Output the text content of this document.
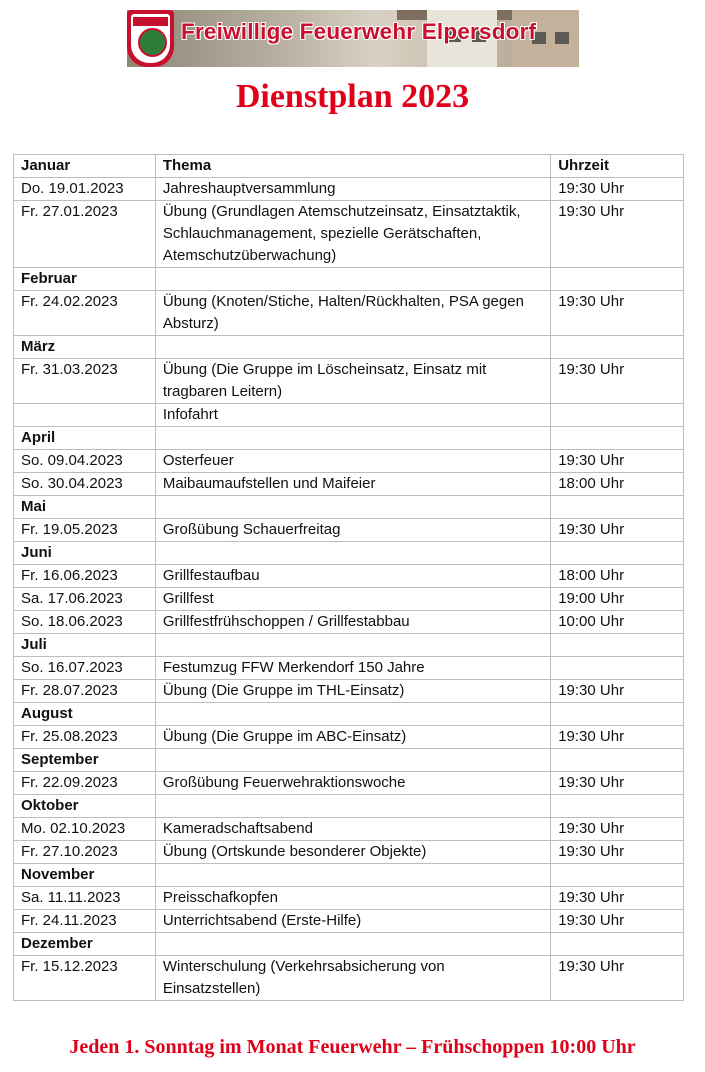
Freiwillige Feuerwehr Elpersdorf
Dienstplan 2023
Januar	Thema	Uhrzeit
Do. 19.01.2023	Jahreshauptversammlung	19:30 Uhr
Fr. 27.01.2023	Übung (Grundlagen Atemschutzeinsatz, Einsatztaktik, Schlauchmanagement, spezielle Gerätschaften, Atemschutzüberwachung)	19:30 Uhr
Februar		
Fr. 24.02.2023	Übung (Knoten/Stiche, Halten/Rückhalten, PSA gegen Absturz)	19:30 Uhr
März		
Fr. 31.03.2023	Übung (Die Gruppe im Löscheinsatz, Einsatz mit tragbaren Leitern)	19:30 Uhr
	Infofahrt	
April		
So. 09.04.2023	Osterfeuer	19:30 Uhr
So. 30.04.2023	Maibaumaufstellen und Maifeier	18:00 Uhr
Mai		
Fr. 19.05.2023	Großübung Schauerfreitag	19:30 Uhr
Juni		
Fr. 16.06.2023	Grillfestaufbau	18:00 Uhr
Sa. 17.06.2023	Grillfest	19:00 Uhr
So. 18.06.2023	Grillfestfrühschoppen / Grillfestabbau	10:00 Uhr
Juli		
So. 16.07.2023	Festumzug FFW Merkendorf 150 Jahre	
Fr. 28.07.2023	Übung (Die Gruppe im THL-Einsatz)	19:30 Uhr
August		
Fr. 25.08.2023	Übung (Die Gruppe im ABC-Einsatz)	19:30 Uhr
September		
Fr. 22.09.2023	Großübung Feuerwehraktionswoche	19:30 Uhr
Oktober		
Mo. 02.10.2023	Kameradschaftsabend	19:30 Uhr
Fr. 27.10.2023	Übung (Ortskunde besonderer Objekte)	19:30 Uhr
November		
Sa. 11.11.2023	Preisschafkopfen	19:30 Uhr
Fr. 24.11.2023	Unterrichtsabend (Erste-Hilfe)	19:30 Uhr
Dezember		
Fr. 15.12.2023	Winterschulung (Verkehrsabsicherung von Einsatzstellen)	19:30 Uhr
Jeden 1. Sonntag im Monat Feuerwehr – Frühschoppen 10:00 Uhr
